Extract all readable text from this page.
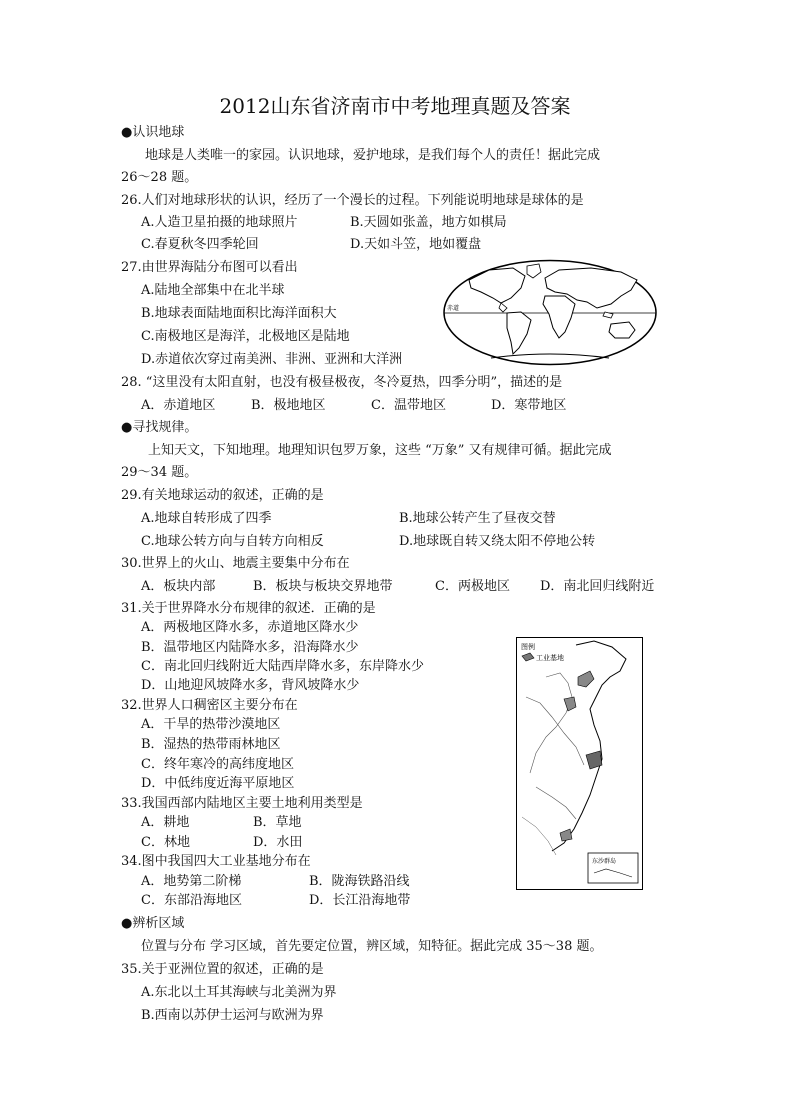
2012山东省济南市中考地理真题及答案
● 认识地球
地球是人类唯一的家园。认识地球，爱护地球，是我们每个人的责任！据此完成
26～28 题。
26.人们对地球形状的认识，经历了一个漫长的过程。下列能说明地球是球体的是
A.人造卫星拍摄的地球照片	B.天圆如张盖，地方如棋局
C.春夏秋冬四季轮回	D.天如斗笠，地如覆盘
27.由世界海陆分布图可以看出
A.陆地全部集中在北半球
B.地球表面陆地面积比海洋面积大
C.南极地区是海洋，北极地区是陆地
D.赤道依次穿过南美洲、非洲、亚洲和大洋洲
赤道
28. “这里没有太阳直射，也没有极昼极夜，冬冷夏热，四季分明”，描述的是
A．赤道地区	B．极地地区	C．温带地区	D．寒带地区
● 寻找规律。
上知天文，下知地理。地理知识包罗万象，这些 “万象” 又有规律可循。据此完成
29～34 题。
29.有关地球运动的叙述，正确的是
A.地球自转形成了四季	B.地球公转产生了昼夜交替
C.地球公转方向与自转方向相反	D.地球既自转又绕太阳不停地公转
30.世界上的火山、地震主要集中分布在
A．板块内部	B．板块与板块交界地带	C．两极地区 D．南北回归线附近
31.关于世界降水分布规律的叙述．正确的是
A．两极地区降水多，赤道地区降水少
B．温带地区内陆降水多，沿海降水少
C．南北回归线附近大陆西岸降水多，东岸降水少
D．山地迎风坡降水多，背风坡降水少
32.世界人口稠密区主要分布在
A．干旱的热带沙漠地区
B．湿热的热带雨林地区
C．终年寒冷的高纬度地区
D．中低纬度近海平原地区
33.我国西部内陆地区主要土地利用类型是
A．耕地	B．草地
C．林地	D．水田
34.图中我国四大工业基地分布在
A．地势第二阶梯	B．陇海铁路沿线
C．东部沿海地区	D．长江沿海地带
图例
工业基地
东沙群岛
● 辨析区域
位置与分布 学习区域，首先要定位置，辨区域，知特征。据此完成 35～38 题。
35.关于亚洲位置的叙述，正确的是
A.东北以土耳其海峡与北美洲为界
B.西南以苏伊士运河与欧洲为界
